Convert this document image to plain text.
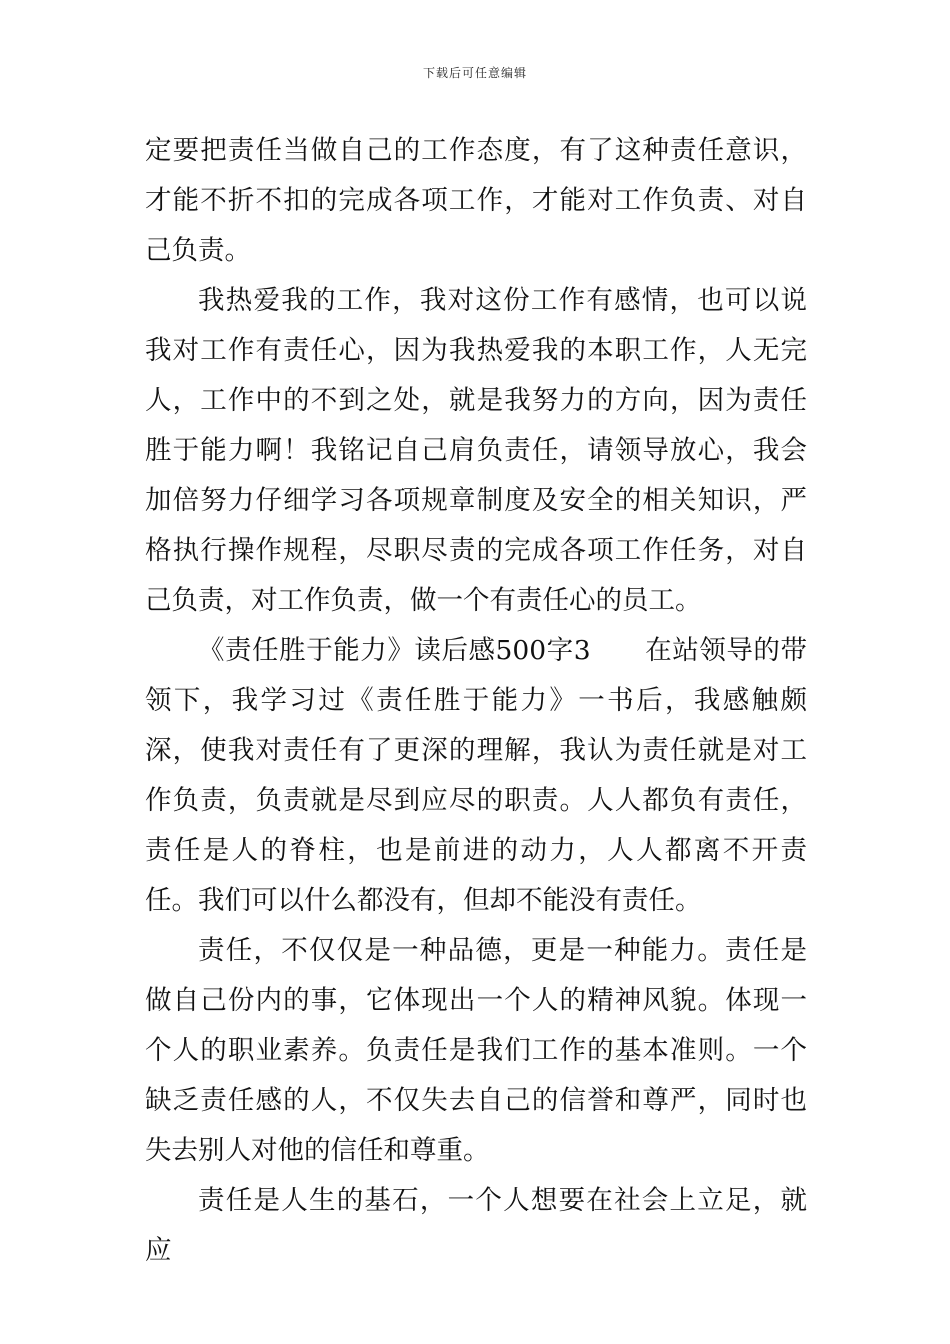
下载后可任意编辑

定要把责任当做自己的工作态度，有了这种责任意识，才能不折不扣的完成各项工作，才能对工作负责、对自己负责。

我热爱我的工作，我对这份工作有感情，也可以说我对工作有责任心，因为我热爱我的本职工作，人无完人，工作中的不到之处，就是我努力的方向，因为责任胜于能力啊！我铭记自己肩负责任，请领导放心，我会加倍努力仔细学习各项规章制度及安全的相关知识，严格执行操作规程，尽职尽责的完成各项工作任务，对自己负责，对工作负责，做一个有责任心的员工。

《责任胜于能力》读后感500字3　　在站领导的带领下，我学习过《责任胜于能力》一书后，我感触颇深，使我对责任有了更深的理解，我认为责任就是对工作负责，负责就是尽到应尽的职责。人人都负有责任，责任是人的脊柱，也是前进的动力，人人都离不开责任。我们可以什么都没有，但却不能没有责任。

责任，不仅仅是一种品德，更是一种能力。责任是做自己份内的事，它体现出一个人的精神风貌。体现一个人的职业素养。负责任是我们工作的基本准则。一个缺乏责任感的人，不仅失去自己的信誉和尊严，同时也失去别人对他的信任和尊重。

责任是人生的基石，一个人想要在社会上立足，就应
